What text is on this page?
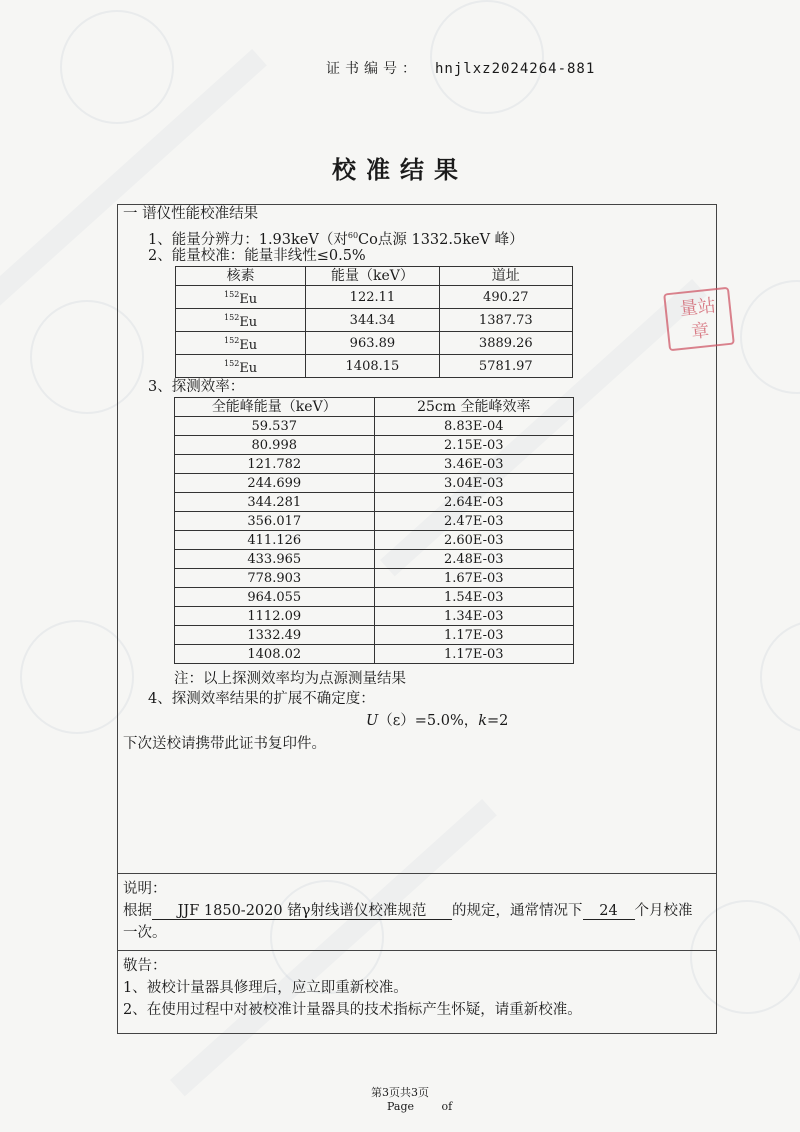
证书编号： hnjlxz2024264-881
校准结果
一 谱仪性能校准结果
1、能量分辨力：1.93keV（对$^{60}$Co点源 1332.5keV 峰）
2、能量校准：能量非线性≤0.5%
核素	能量（keV）	道址
$^{152}$Eu	122.11	490.27
$^{152}$Eu	344.34	1387.73
$^{152}$Eu	963.89	3889.26
$^{152}$Eu	1408.15	5781.97
3、探测效率：
全能峰能量（keV）	25cm 全能峰效率
59.537	8.83E-04
80.998	2.15E-03
121.782	3.46E-03
244.699	3.04E-03
344.281	2.64E-03
356.017	2.47E-03
411.126	2.60E-03
433.965	2.48E-03
778.903	1.67E-03
964.055	1.54E-03
1112.09	1.34E-03
1332.49	1.17E-03
1408.02	1.17E-03
注：以上探测效率均为点源测量结果
4、探测效率结果的扩展不确定度：
U（ε）=5.0%，k=2
下次送校请携带此证书复印件。
说明：
根据 JJF 1850-2020 锗γ射线谱仪校准规范 的规定，通常情况下 24 个月校准
一次。
敬告：
1、被校计量器具修理后，应立即重新校准。
2、在使用过程中对被校准计量器具的技术指标产生怀疑，请重新校准。
量站
章
第3页共3页
Page	of
